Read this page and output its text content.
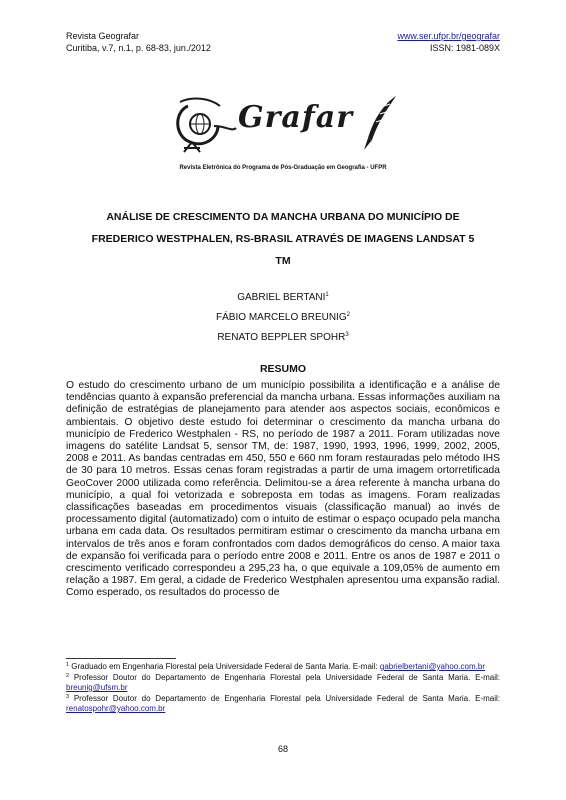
Revista Geografar
Curitiba, v.7, n.1, p. 68-83, jun./2012
www.ser.ufpr.br/geografar
ISSN: 1981-089X
Grafar
Revista Eletrônica do Programa de Pós-Graduação em Geografia - UFPR
ANÁLISE DE CRESCIMENTO DA MANCHA URBANA DO MUNICÍPIO DE
FREDERICO WESTPHALEN, RS-BRASIL ATRAVÉS DE IMAGENS LANDSAT 5
TM
GABRIEL BERTANI$^1$
FÁBIO MARCELO BREUNIG$^2$
RENATO BEPPLER SPOHR$^3$
RESUMO
O estudo do crescimento urbano de um município possibilita a identificação e a análise de tendências quanto à expansão preferencial da mancha urbana. Essas informações auxiliam na definição de estratégias de planejamento para atender aos aspectos sociais, econômicos e ambientais. O objetivo deste estudo foi determinar o crescimento da mancha urbana do município de Frederico Westphalen - RS, no período de 1987 a 2011. Foram utilizadas nove imagens do satélite Landsat 5, sensor TM, de: 1987, 1990, 1993, 1996, 1999, 2002, 2005, 2008 e 2011. As bandas centradas em 450, 550 e 660 nm foram restauradas pelo método IHS de 30 para 10 metros. Essas cenas foram registradas a partir de uma imagem ortorretificada GeoCover 2000 utilizada como referência. Delimitou-se a área referente à mancha urbana do município, a qual foi vetorizada e sobreposta em todas as imagens. Foram realizadas classificações baseadas em procedimentos visuais (classificação manual) ao invés de processamento digital (automatizado) com o intuito de estimar o espaço ocupado pela mancha urbana em cada data. Os resultados permitiram estimar o crescimento da mancha urbana em intervalos de três anos e foram confrontados com dados demográficos do censo. A maior taxa de expansão foi verificada para o período entre 2008 e 2011. Entre os anos de 1987 e 2011 o crescimento verificado correspondeu a 295,23 ha, o que equivale a 109,05% de aumento em relação a 1987. Em geral, a cidade de Frederico Westphalen apresentou uma expansão radial. Como esperado, os resultados do processo de
$^1$ Graduado em Engenharia Florestal pela Universidade Federal de Santa Maria. E-mail: gabrielbertani@yahoo.com.br
$^2$ Professor Doutor do Departamento de Engenharia Florestal pela Universidade Federal de Santa Maria. E-mail: breunig@ufsm.br
$^3$ Professor Doutor do Departamento de Engenharia Florestal pela Universidade Federal de Santa Maria. E-mail: renatospohr@yahoo.com.br
68
